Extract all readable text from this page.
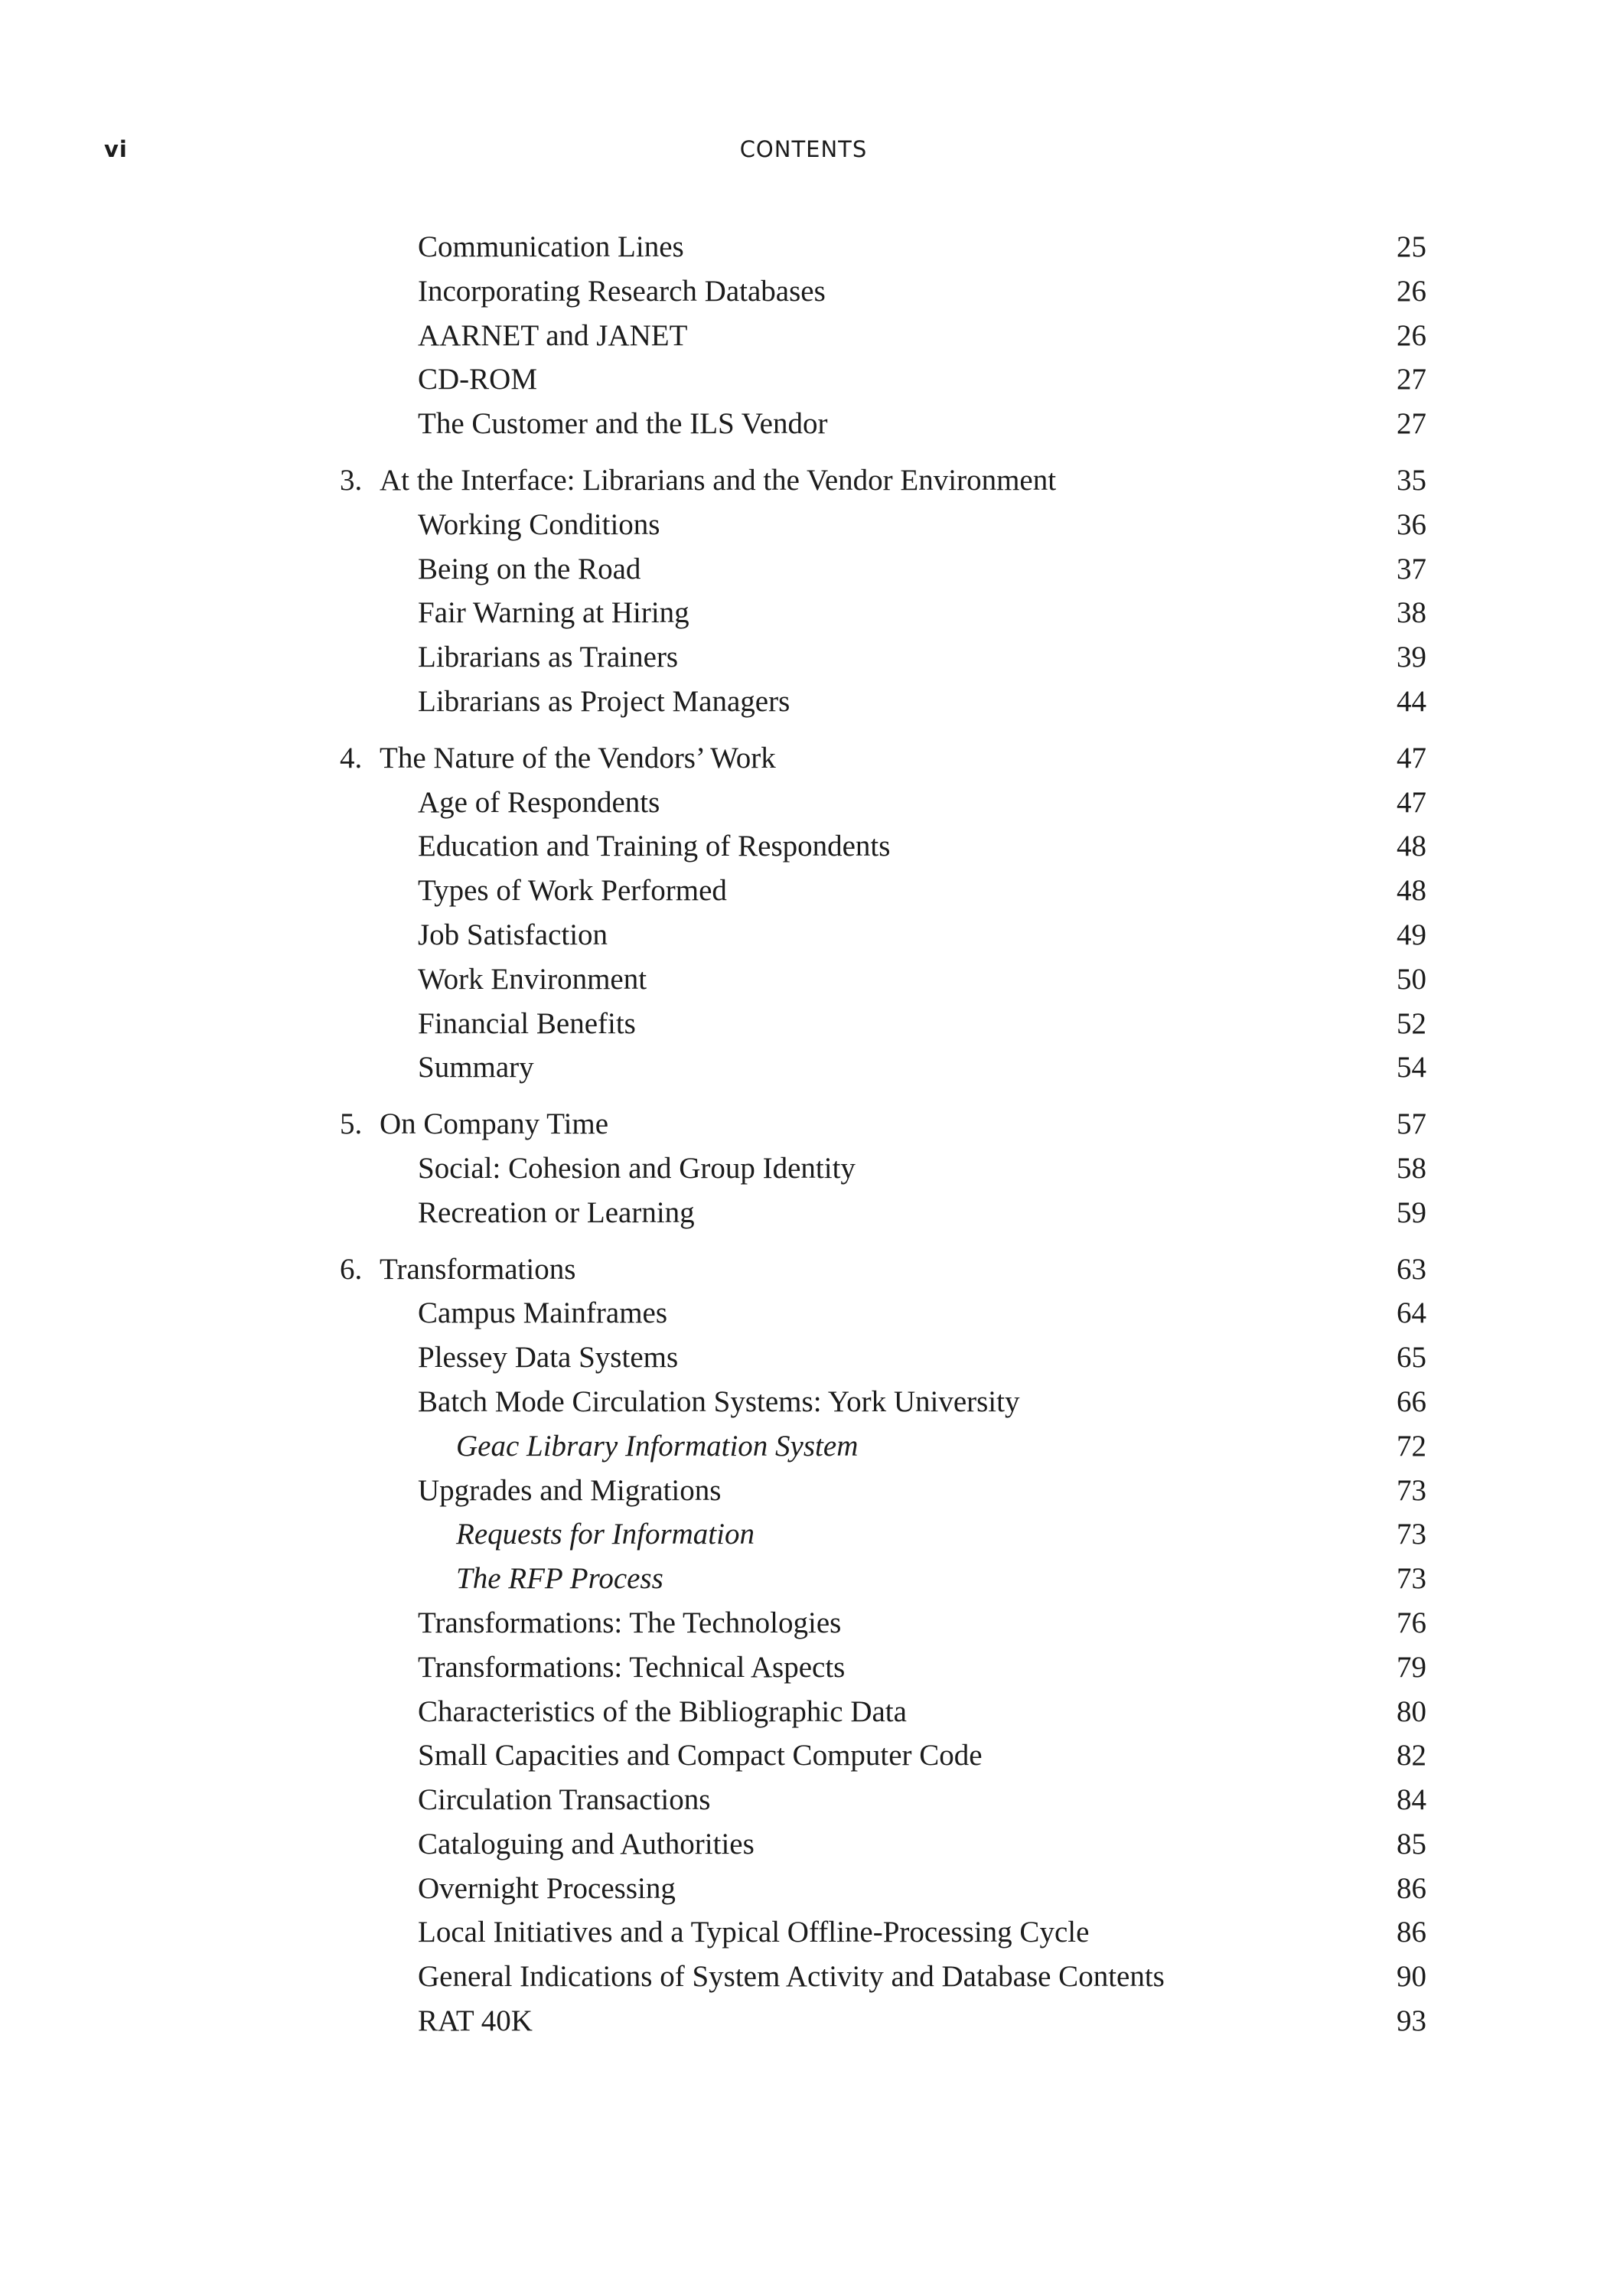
vi	CONTENTS
Communication Lines	25
Incorporating Research Databases	26
AARNET and JANET	26
CD-ROM	27
The Customer and the ILS Vendor	27
3. At the Interface: Librarians and the Vendor Environment	35
Working Conditions	36
Being on the Road	37
Fair Warning at Hiring	38
Librarians as Trainers	39
Librarians as Project Managers	44
4. The Nature of the Vendors’ Work	47
Age of Respondents	47
Education and Training of Respondents	48
Types of Work Performed	48
Job Satisfaction	49
Work Environment	50
Financial Benefits	52
Summary	54
5. On Company Time	57
Social: Cohesion and Group Identity	58
Recreation or Learning	59
6. Transformations	63
Campus Mainframes	64
Plessey Data Systems	65
Batch Mode Circulation Systems: York University	66
Geac Library Information System	72
Upgrades and Migrations	73
Requests for Information	73
The RFP Process	73
Transformations: The Technologies	76
Transformations: Technical Aspects	79
Characteristics of the Bibliographic Data	80
Small Capacities and Compact Computer Code	82
Circulation Transactions	84
Cataloguing and Authorities	85
Overnight Processing	86
Local Initiatives and a Typical Offline-Processing Cycle	86
General Indications of System Activity and Database Contents	90
RAT 40K	93
